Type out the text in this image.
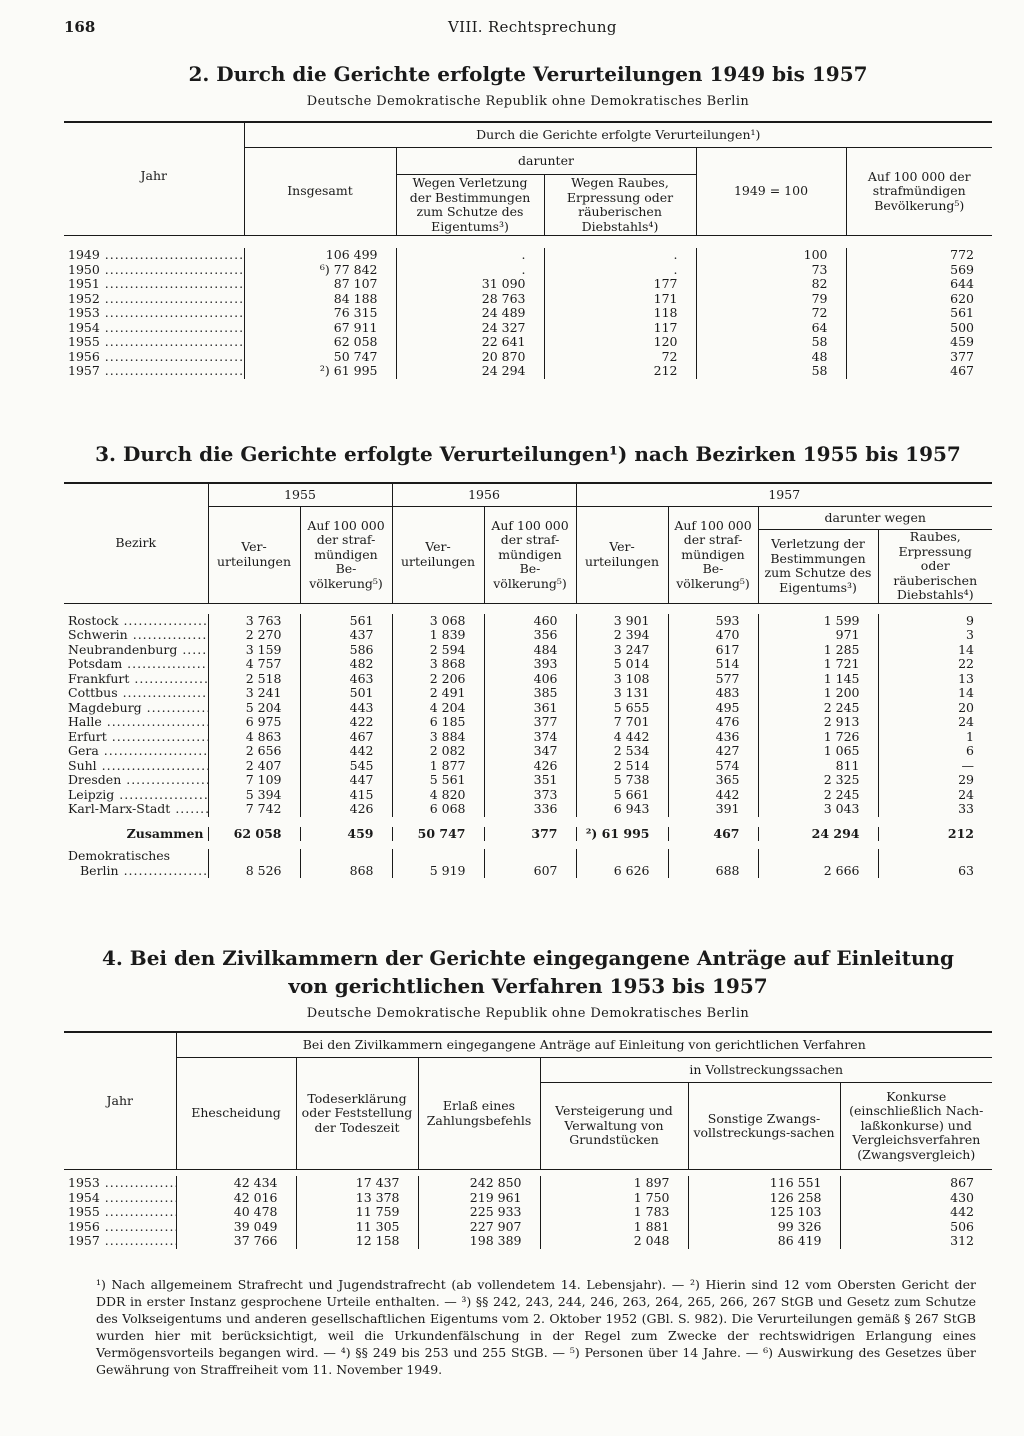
168	VIII. Rechtsprechung
2. Durch die Gerichte erfolgte Verurteilungen 1949 bis 1957
Deutsche Demokratische Republik ohne Demokratisches Berlin
Jahr	Durch die Gerichte erfolgte Verurteilungen¹)				
	Insgesamt	darunter		1949 = 100	Auf 100 000 der strafmündigen Bevölkerung⁵)
		Wegen Verletzung der Bestimmungen zum Schutze des Eigentums³)	Wegen Raubes, Erpressung oder räuberischen Diebstahls⁴)		

1949 .....	106 499	.	.	100	772
1950 .....	⁶) 77 842	.	.	73	569
1951 .....	87 107	31 090	177	82	644
1952 .....	84 188	28 763	171	79	620
1953 .....	76 315	24 489	118	72	561
1954 .....	67 911	24 327	117	64	500
1955 .....	62 058	22 641	120	58	459
1956 .....	50 747	20 870	72	48	377
1957 .....	²) 61 995	24 294	212	58	467
3. Durch die Gerichte erfolgte Verurteilungen¹) nach Bezirken 1955 bis 1957
Bezirk	1955		1956		1957			
	Ver-urteilungen	Auf 100 000 der straf-mündigen Be-völkerung⁵)	Ver-urteilungen	Auf 100 000 der straf-mündigen Be-völkerung⁵)	Ver-urteilungen	Auf 100 000 der straf-mündigen Be-völkerung⁵)	darunter wegen	
							Verletzung der Bestimmungen zum Schutze des Eigentums³)	Raubes, Erpressung oder räuberischen Diebstahls⁴)

Rostock .....	3 763	561	3 068	460	3 901	593	1 599	9
Schwerin .....	2 270	437	1 839	356	2 394	470	971	3
Neubrandenburg .....	3 159	586	2 594	484	3 247	617	1 285	14
Potsdam .....	4 757	482	3 868	393	5 014	514	1 721	22
Frankfurt .....	2 518	463	2 206	406	3 108	577	1 145	13
Cottbus .....	3 241	501	2 491	385	3 131	483	1 200	14
Magdeburg .....	5 204	443	4 204	361	5 655	495	2 245	20
Halle .....	6 975	422	6 185	377	7 701	476	2 913	24
Erfurt .....	4 863	467	3 884	374	4 442	436	1 726	1
Gera .....	2 656	442	2 082	347	2 534	427	1 065	6
Suhl .....	2 407	545	1 877	426	2 514	574	811	—
Dresden .....	7 109	447	5 561	351	5 738	365	2 325	29
Leipzig .....	5 394	415	4 820	373	5 661	442	2 245	24
Karl-Marx-Stadt .....	7 742	426	6 068	336	6 943	391	3 043	33

Zusammen	62 058	459	50 747	377	²) 61 995	467	24 294	212

Demokratisches								
Berlin .....	8 526	868	5 919	607	6 626	688	2 666	63
4. Bei den Zivilkammern der Gerichte eingegangene Anträge auf Einleitung
von gerichtlichen Verfahren 1953 bis 1957
Deutsche Demokratische Republik ohne Demokratisches Berlin
Jahr	Bei den Zivilkammern eingegangene Anträge auf Einleitung von gerichtlichen Verfahren					
	Ehescheidung	Todeserklärung oder Feststellung der Todeszeit	Erlaß eines Zahlungsbefehls	in Vollstreckungssachen		
				Versteigerung und Verwaltung von Grundstücken	Sonstige Zwangs-vollstreckungs-sachen	Konkurse (einschließlich Nach-laßkonkurse) und Vergleichsverfahren (Zwangsvergleich)

1953 .....	42 434	17 437	242 850	1 897	116 551	867
1954 .....	42 016	13 378	219 961	1 750	126 258	430
1955 .....	40 478	11 759	225 933	1 783	125 103	442
1956 .....	39 049	11 305	227 907	1 881	99 326	506
1957 .....	37 766	12 158	198 389	2 048	86 419	312
¹) Nach allgemeinem Strafrecht und Jugendstrafrecht (ab vollendetem 14. Lebensjahr). — ²) Hierin sind 12 vom Obersten Gericht der DDR in erster Instanz gesprochene Urteile enthalten. — ³) §§ 242, 243, 244, 246, 263, 264, 265, 266, 267 StGB und Gesetz zum Schutze des Volkseigentums und anderen gesellschaftlichen Eigentums vom 2. Oktober 1952 (GBl. S. 982). Die Verurteilungen gemäß § 267 StGB wurden hier mit berücksichtigt, weil die Urkundenfälschung in der Regel zum Zwecke der rechtswidrigen Erlangung eines Vermögensvorteils begangen wird. — ⁴) §§ 249 bis 253 und 255 StGB. — ⁵) Personen über 14 Jahre. — ⁶) Auswirkung des Gesetzes über Gewährung von Straffreiheit vom 11. November 1949.
